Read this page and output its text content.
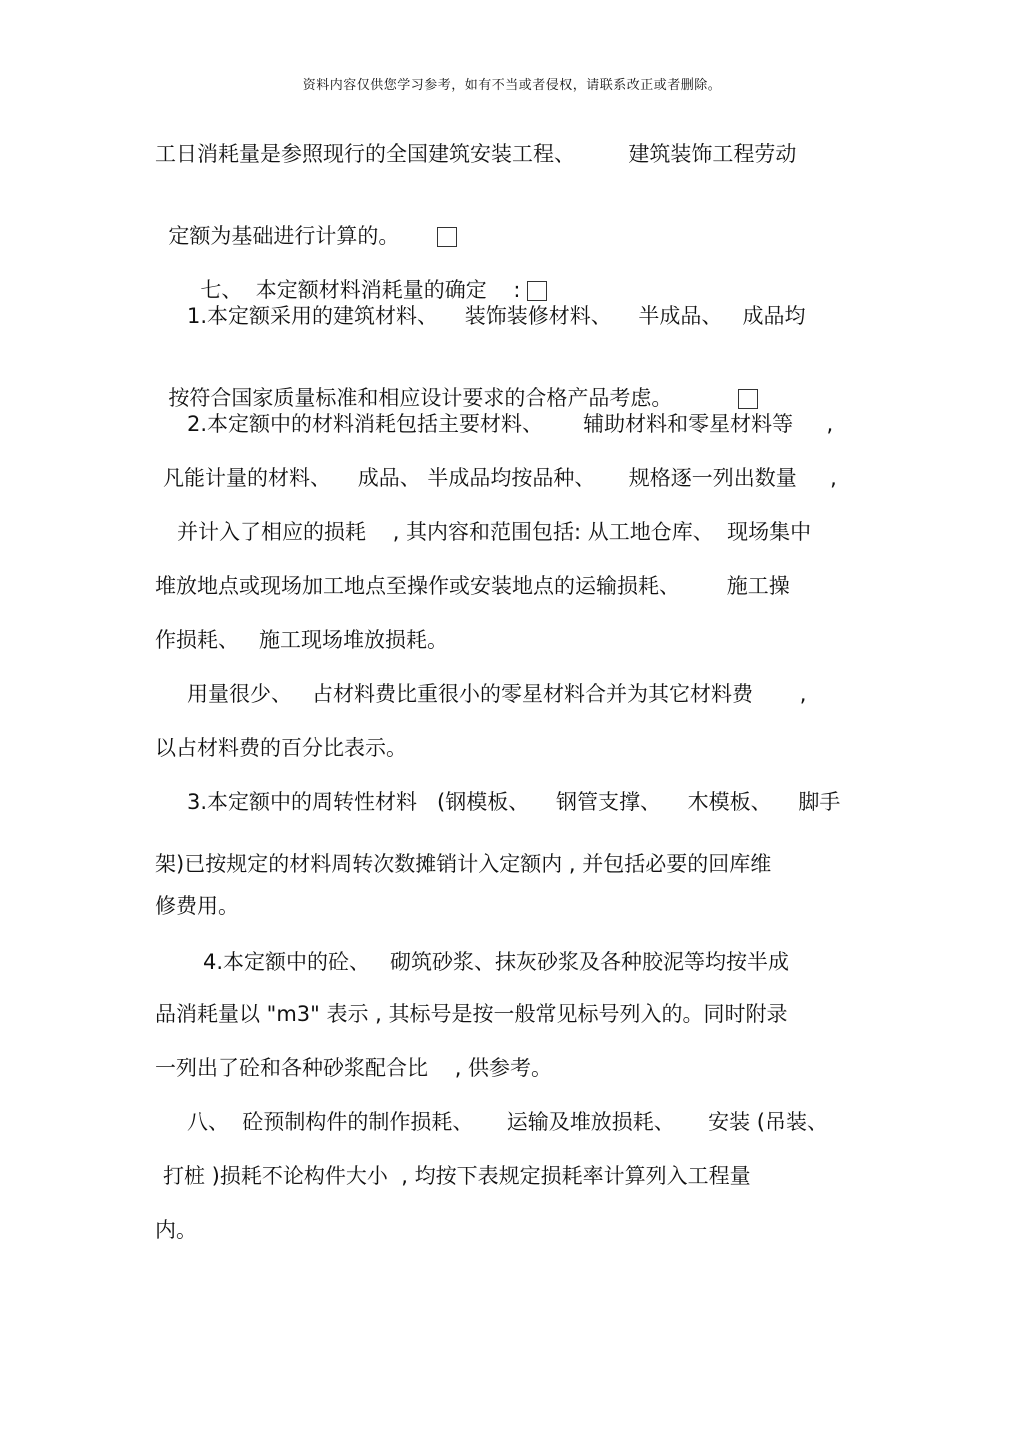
资料内容仅供您学习参考，如有不当或者侵权，请联系改正或者删除。
工日消耗量是参照现行的全国建筑安装工程、        建筑装饰工程劳动

定额为基础进行计算的。

七、  本定额材料消耗量的确定    :

1.本定额采用的建筑材料、    装饰装修材料、    半成品、   成品均

按符合国家质量标准和相应设计要求的合格产品考虑。

2.本定额中的材料消耗包括主要材料、      辅助材料和零星材料等     ,
凡能计量的材料、    成品、 半成品均按品种、     规格逐一列出数量     ,
并计入了相应的损耗    , 其内容和范围包括: 从工地仓库、  现场集中
堆放地点或现场加工地点至操作或安装地点的运输损耗、       施工操
作损耗、   施工现场堆放损耗。
用量很少、   占材料费比重很小的零星材料合并为其它材料费       ,
以占材料费的百分比表示。
3.本定额中的周转性材料   (钢模板、    钢管支撑、    木模板、    脚手
架)已按规定的材料周转次数摊销计入定额内 , 并包括必要的回库维
修费用。
4.本定额中的砼、   砌筑砂浆、抹灰砂浆及各种胶泥等均按半成
品消耗量以 "m3" 表示 , 其标号是按一般常见标号列入的。同时附录
一列出了砼和各种砂浆配合比    , 供参考。
八、  砼预制构件的制作损耗、     运输及堆放损耗、     安装 (吊装、
打桩 )损耗不论构件大小  , 均按下表规定损耗率计算列入工程量
内。
